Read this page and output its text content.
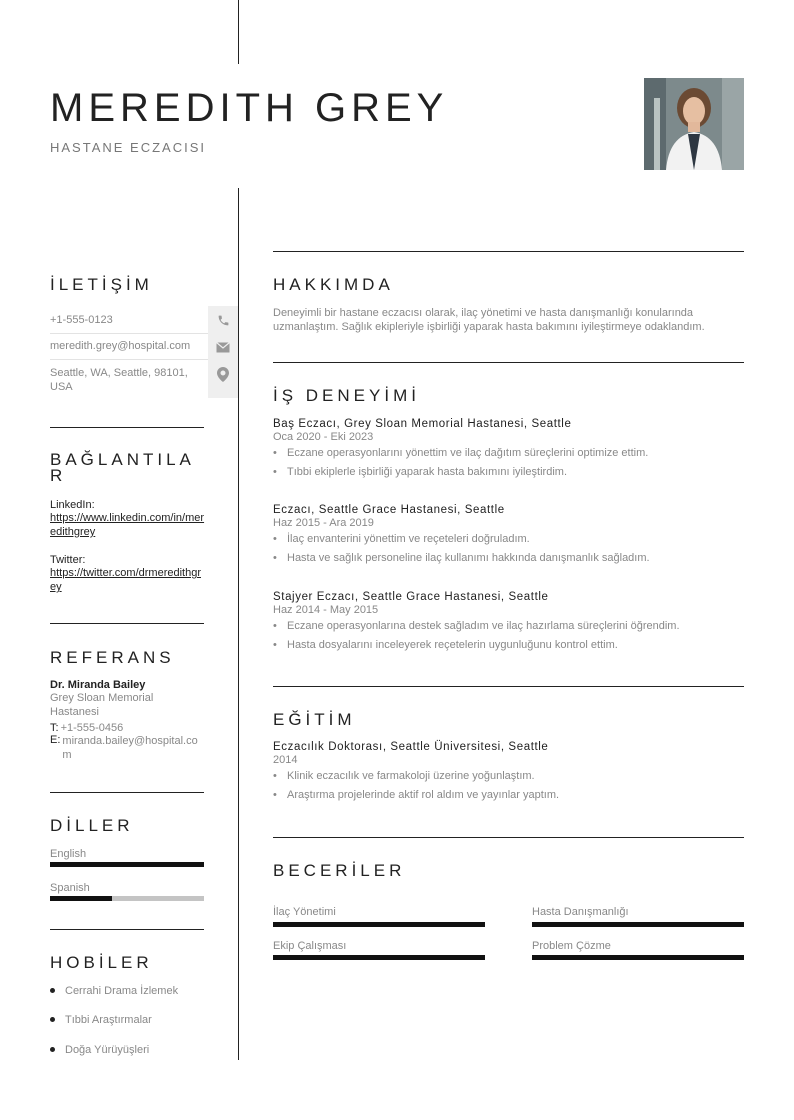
MEREDITH GREY
HASTANE ECZACISI
İLETİŞİM
+1-555-0123
meredith.grey@hospital.com
Seattle, WA, Seattle, 98101, USA
BAĞLANTILAR
LinkedIn:
https://www.linkedin.com/in/meredithgrey
Twitter:
https://twitter.com/drmeredithgrey
REFERANS
Dr. Miranda Bailey
Grey Sloan Memorial Hastanesi
T: +1-555-0456
E: miranda.bailey@hospital.com
DİLLER
English
Spanish
HOBİLER
Cerrahi Drama İzlemek
Tıbbi Araştırmalar
Doğa Yürüyüşleri
HAKKIMDA
Deneyimli bir hastane eczacısı olarak, ilaç yönetimi ve hasta danışmanlığı konularında uzmanlaştım. Sağlık ekipleriyle işbirliği yaparak hasta bakımını iyileştirmeye odaklandım.
İŞ DENEYİMİ
Baş Eczacı, Grey Sloan Memorial Hastanesi, Seattle
Oca 2020 - Eki 2023
• Eczane operasyonlarını yönettim ve ilaç dağıtım süreçlerini optimize ettim.
• Tıbbi ekiplerle işbirliği yaparak hasta bakımını iyileştirdim.
Eczacı, Seattle Grace Hastanesi, Seattle
Haz 2015 - Ara 2019
• İlaç envanterini yönettim ve reçeteleri doğruladım.
• Hasta ve sağlık personeline ilaç kullanımı hakkında danışmanlık sağladım.
Stajyer Eczacı, Seattle Grace Hastanesi, Seattle
Haz 2014 - May 2015
• Eczane operasyonlarına destek sağladım ve ilaç hazırlama süreçlerini öğrendim.
• Hasta dosyalarını inceleyerek reçetelerin uygunluğunu kontrol ettim.
EĞİTİM
Eczacılık Doktorası, Seattle Üniversitesi, Seattle
2014
• Klinik eczacılık ve farmakoloji üzerine yoğunlaştım.
• Araştırma projelerinde aktif rol aldım ve yayınlar yaptım.
BECERİLER
İlaç Yönetimi	Hasta Danışmanlığı
Ekip Çalışması	Problem Çözme
